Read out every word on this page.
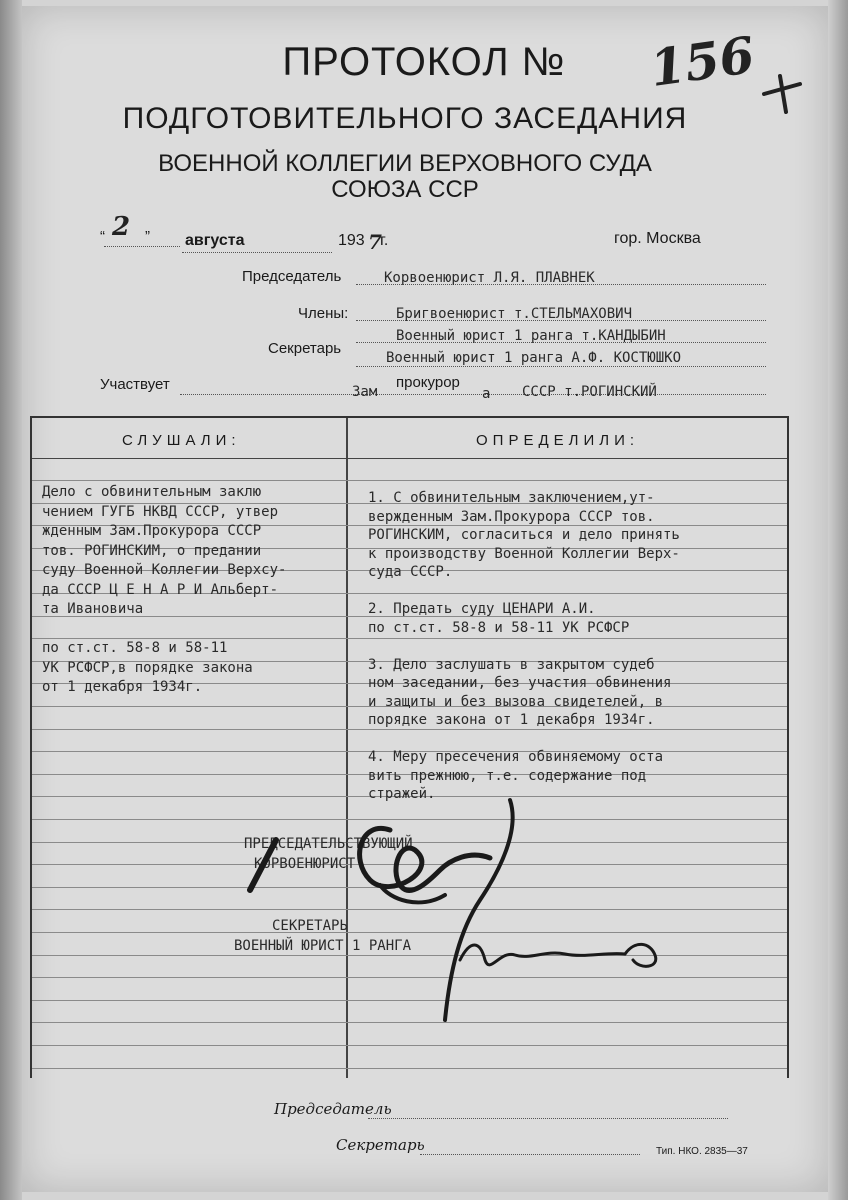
ПРОТОКОЛ №	156
ПОДГОТОВИТЕЛЬНОГО ЗАСЕДАНИЯ
ВОЕННОЙ КОЛЛЕГИИ ВЕРХОВНОГО СУДА
СОЮЗА ССР
“ 2 ” августа	193 7
г.	гор. Москва
Председатель	Корвоенюрист Л.Я. ПЛАВНЕК
Члены:	Бригвоенюрист т.СТЕЛЬМАХОВИЧ
Военный юрист 1 ранга т.КАНДЫБИН
Секретарь
Военный юрист 1 ранга А.Ф. КОСТЮШКО
Участвует	Зам
прокурор
а СССР т.РОГИНСКИЙ
СЛУШАЛИ:	ОПРЕДЕЛИЛИ:
Дело с обвинительным заклю
чением ГУГБ НКВД СССР, утвер
жденным Зам.Прокурора СССР
тов. РОГИНСКИМ, о предании
суду Военной Коллегии Верхсу-
да СССР Ц Е Н А Р И Альберт-
та Ивановича
по ст.ст. 58-8 и 58-11
УК РСФСР,в порядке закона
от 1 декабря 1934г.
1. С обвинительным заключением,ут-
вержденным Зам.Прокурора СССР тов.
РОГИНСКИМ, согласиться и дело принять
к производству Военной Коллегии Верх-
суда СССР.
2. Предать суду ЦЕНАРИ А.И.
по ст.ст. 58-8 и 58-11 УК РСФСР
3. Дело заслушать в закрытом судеб
ном заседании, без участия обвинения
и защиты и без вызова свидетелей, в
порядке закона от 1 декабря 1934г.
4. Меру пресечения обвиняемому оста
вить прежнюю, т.е. содержание под
стражей.
ПРЕДСЕДАТЕЛЬСТВУЮЩИЙ
КОРВОЕНЮРИСТ
СЕКРЕТАРЬ
ВОЕННЫЙ ЮРИСТ 1 РАНГА
Председатель
Секретарь	Тип. НКО. 2835—37
